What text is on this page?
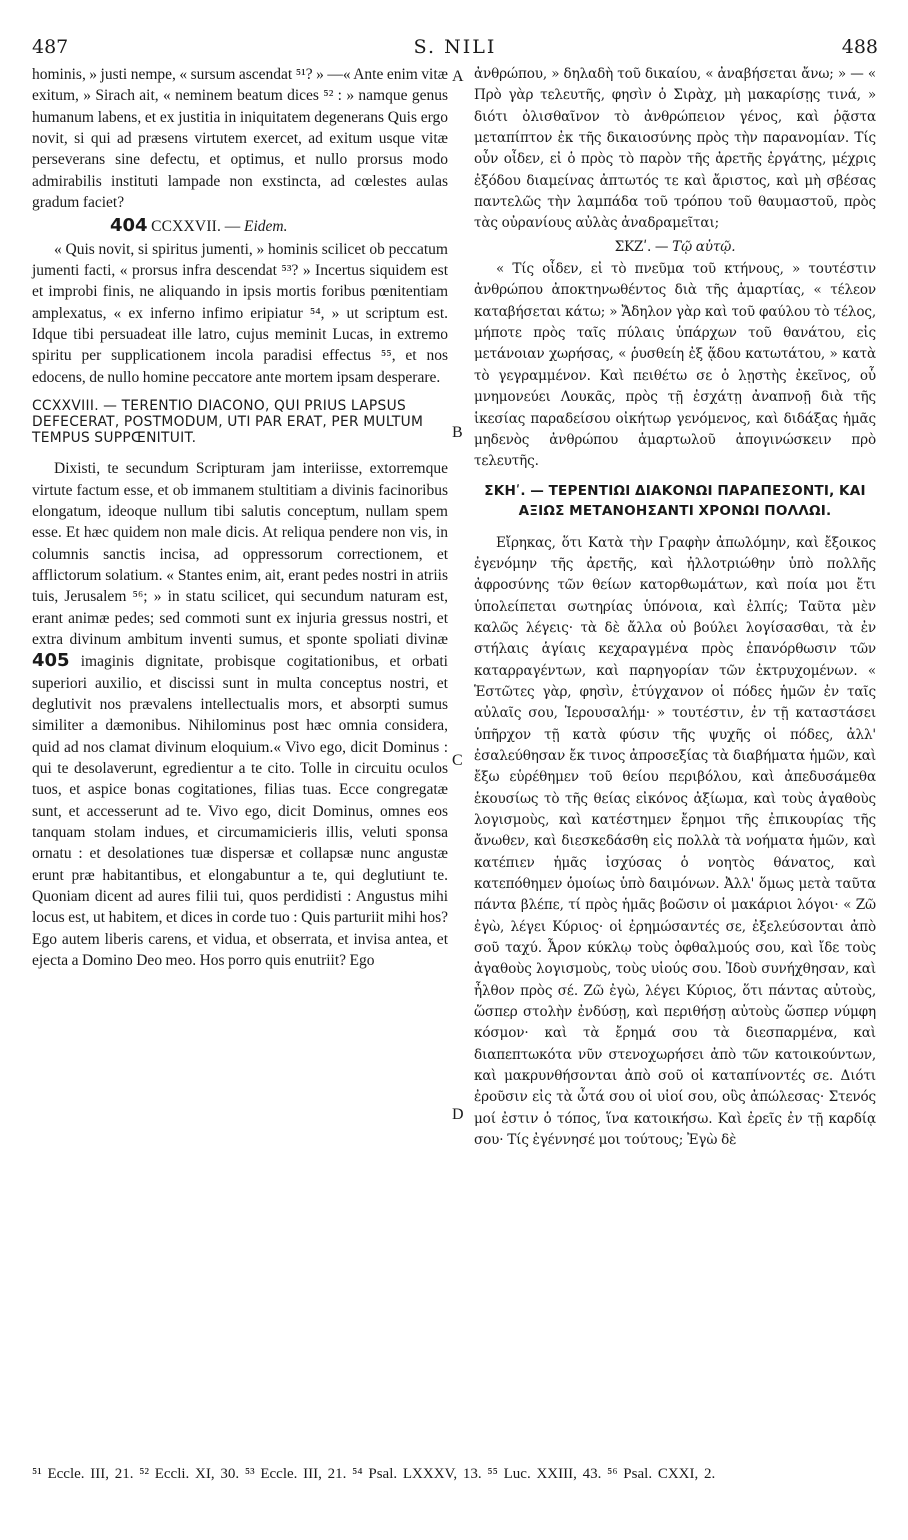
487	S. NILI	488
A
B
C
D

hominis, » justi nempe, « sursum ascendat ⁵¹? » —« Ante enim vitæ exitum, » Sirach ait, « neminem beatum dices ⁵² : » namque genus humanum labens, et ex justitia in iniquitatem degenerans Quis ergo novit, si qui ad præsens virtutem exercet, ad exitum usque vitæ perseverans sine defectu, et optimus, et nullo prorsus modo admirabilis instituti lampade non exstincta, ad cœlestes aulas gradum faciet?

404 CCXXVII. — Eidem.

« Quis novit, si spiritus jumenti, » hominis scilicet ob peccatum jumenti facti, « prorsus infra descendat ⁵³? » Incertus siquidem est et improbi finis, ne aliquando in ipsis mortis foribus pœnitentiam amplexatus, « ex inferno infimo eripiatur ⁵⁴, » ut scriptum est. Idque tibi persuadeat ille latro, cujus meminit Lucas, in extremo spiritu per supplicationem incola paradisi effectus ⁵⁵, et nos edocens, de nullo homine peccatore ante mortem ipsam desperare.

CCXXVIII. — TERENTIO DIACONO, QUI PRIUS LAPSUS DEFECERAT, POSTMODUM, UTI PAR ERAT, PER MULTUM TEMPUS SUPPŒNITUIT.

Dixisti, te secundum Scripturam jam interiisse, extorremque virtute factum esse, et ob immanem stultitiam a divinis facinoribus elongatum, ideoque nullum tibi salutis conceptum, nullam spem esse. Et hæc quidem non male dicis. At reliqua pendere non vis, in columnis sanctis incisa, ad oppressorum correctionem, et afflictorum solatium. « Stantes enim, ait, erant pedes nostri in atriis tuis, Jerusalem ⁵⁶; » in statu scilicet, qui secundum naturam est, erant animæ pedes; sed commoti sunt ex injuria gressus nostri, et extra divinum ambitum inventi sumus, et sponte spoliati divinæ 405 imaginis dignitate, probisque cogitationibus, et orbati superiori auxilio, et discissi sunt in multa conceptus nostri, et deglutivit nos prævalens intellectualis mors, et absorpti sumus similiter a dæmonibus. Nihilominus post hæc omnia considera, quid ad nos clamat divinum eloquium.« Vivo ego, dicit Dominus : qui te desolaverunt, egredientur a te cito. Tolle in circuitu oculos tuos, et aspice bonas cogitationes, filias tuas. Ecce congregatæ sunt, et accesserunt ad te. Vivo ego, dicit Dominus, omnes eos tanquam stolam indues, et circumamicieris illis, veluti sponsa ornatu : et desolationes tuæ dispersæ et collapsæ nunc angustæ erunt præ habitantibus, et elongabuntur a te, qui deglutiunt te. Quoniam dicent ad aures filii tui, quos perdidisti : Angustus mihi locus est, ut habitem, et dices in corde tuo : Quis parturiit mihi hos? Ego autem liberis carens, et vidua, et obserrata, et invisa antea, et ejecta a Domino Deo meo. Hos porro quis enutriit? Ego

ἀνθρώπου, » δηλαδὴ τοῦ δικαίου, « ἀναβήσεται ἄνω; » — « Πρὸ γὰρ τελευτῆς, φησὶν ὁ Σιρὰχ, μὴ μακαρίσῃς τινά, » διότι ὀλισθαῖνον τὸ ἀνθρώπειον γένος, καὶ ῥᾷστα μεταπίπτον ἐκ τῆς δικαιοσύνης πρὸς τὴν παρανομίαν. Τίς οὖν οἶδεν, εἰ ὁ πρὸς τὸ παρὸν τῆς ἀρετῆς ἐργάτης, μέχρις ἐξόδου διαμείνας ἀπτωτός τε καὶ ἄριστος, καὶ μὴ σβέσας παντελῶς τὴν λαμπάδα τοῦ τρόπου τοῦ θαυμαστοῦ, πρὸς τὰς οὐρανίους αὐλὰς ἀναδραμεῖται;

ΣΚΖʹ. — Τῷ αὐτῷ.

« Τίς οἶδεν, εἰ τὸ πνεῦμα τοῦ κτήνους, » τουτέστιν ἀνθρώπου ἀποκτηνωθέντος διὰ τῆς ἁμαρτίας, « τέλεον καταβήσεται κάτω; » Ἄδηλον γὰρ καὶ τοῦ φαύλου τὸ τέλος, μήποτε πρὸς ταῖς πύλαις ὑπάρχων τοῦ θανάτου, εἰς μετάνοιαν χωρήσας, « ῥυσθείη ἐξ ᾅδου κατωτάτου, » κατὰ τὸ γεγραμμένον. Καὶ πειθέτω σε ὁ λῃστὴς ἐκεῖνος, οὗ μνημονεύει Λουκᾶς, πρὸς τῇ ἐσχάτῃ ἀναπνοῇ διὰ τῆς ἱκεσίας παραδείσου οἰκήτωρ γενόμενος, καὶ διδάξας ἡμᾶς μηδενὸς ἀνθρώπου ἁμαρτωλοῦ ἀπογινώσκειν πρὸ τελευτῆς.

ΣΚΗʹ. — ΤΕΡΕΝΤΙΩΙ ΔΙΑΚΟΝΩΙ ΠΑΡΑΠΕΣΟΝΤΙ, ΚΑΙ ΑΞΙΩΣ ΜΕΤΑΝΟΗΣΑΝΤΙ ΧΡΟΝΩΙ ΠΟΛΛΩΙ.

Εἴρηκας, ὅτι Κατὰ τὴν Γραφὴν ἀπωλόμην, καὶ ἔξοικος ἐγενόμην τῆς ἀρετῆς, καὶ ἠλλοτριώθην ὑπὸ πολλῆς ἀφροσύνης τῶν θείων κατορθωμάτων, καὶ ποία μοι ἔτι ὑπολείπεται σωτηρίας ὑπόνοια, καὶ ἐλπίς; Ταῦτα μὲν καλῶς λέγεις· τὰ δὲ ἄλλα οὐ βούλει λογίσασθαι, τὰ ἐν στήλαις ἁγίαις κεχαραγμένα πρὸς ἐπανόρθωσιν τῶν καταρραγέντων, καὶ παρηγορίαν τῶν ἐκτρυχομένων. « Ἑστῶτες γὰρ, φησὶν, ἐτύγχανον οἱ πόδες ἡμῶν ἐν ταῖς αὐλαῖς σου, Ἱερουσαλήμ· » τουτέστιν, ἐν τῇ καταστάσει ὑπῆρχον τῇ κατὰ φύσιν τῆς ψυχῆς οἱ πόδες, ἀλλ' ἐσαλεύθησαν ἔκ τινος ἀπροσεξίας τὰ διαβήματα ἡμῶν, καὶ ἔξω εὑρέθημεν τοῦ θείου περιβόλου, καὶ ἀπεδυσάμεθα ἑκουσίως τὸ τῆς θείας εἰκόνος ἀξίωμα, καὶ τοὺς ἀγαθοὺς λογισμοὺς, καὶ κατέστημεν ἔρημοι τῆς ἐπικουρίας τῆς ἄνωθεν, καὶ διεσκεδάσθη εἰς πολλὰ τὰ νοήματα ἡμῶν, καὶ κατέπιεν ἡμᾶς ἰσχύσας ὁ νοητὸς θάνατος, καὶ κατεπόθημεν ὁμοίως ὑπὸ δαιμόνων. Ἀλλ' ὅμως μετὰ ταῦτα πάντα βλέπε, τί πρὸς ἡμᾶς βοῶσιν οἱ μακάριοι λόγοι· « Ζῶ ἐγὼ, λέγει Κύριος· οἱ ἐρημώσαντές σε, ἐξελεύσονται ἀπὸ σοῦ ταχύ. Ἆρον κύκλῳ τοὺς ὀφθαλμούς σου, καὶ ἴδε τοὺς ἀγαθοὺς λογισμοὺς, τοὺς υἱούς σου. Ἰδοὺ συνήχθησαν, καὶ ἦλθον πρὸς σέ. Ζῶ ἐγὼ, λέγει Κύριος, ὅτι πάντας αὐτοὺς, ὥσπερ στολὴν ἐνδύσῃ, καὶ περιθήσῃ αὐτοὺς ὥσπερ νύμφη κόσμον· καὶ τὰ ἔρημά σου τὰ διεσπαρμένα, καὶ διαπεπτωκότα νῦν στενοχωρήσει ἀπὸ τῶν κατοικούντων, καὶ μακρυνθήσονται ἀπὸ σοῦ οἱ καταπίνοντές σε. Διότι ἐροῦσιν εἰς τὰ ὦτά σου οἱ υἱοί σου, οὓς ἀπώλεσας· Στενός μοί ἐστιν ὁ τόπος, ἵνα κατοικήσω. Καὶ ἐρεῖς ἐν τῇ καρδίᾳ σου· Τίς ἐγέννησέ μοι τούτους; Ἐγὼ δὲ

⁵¹ Eccle. III, 21. ⁵² Eccli. XI, 30. ⁵³ Eccle. III, 21. ⁵⁴ Psal. LXXXV, 13. ⁵⁵ Luc. XXIII, 43. ⁵⁶ Psal. CXXI, 2.
